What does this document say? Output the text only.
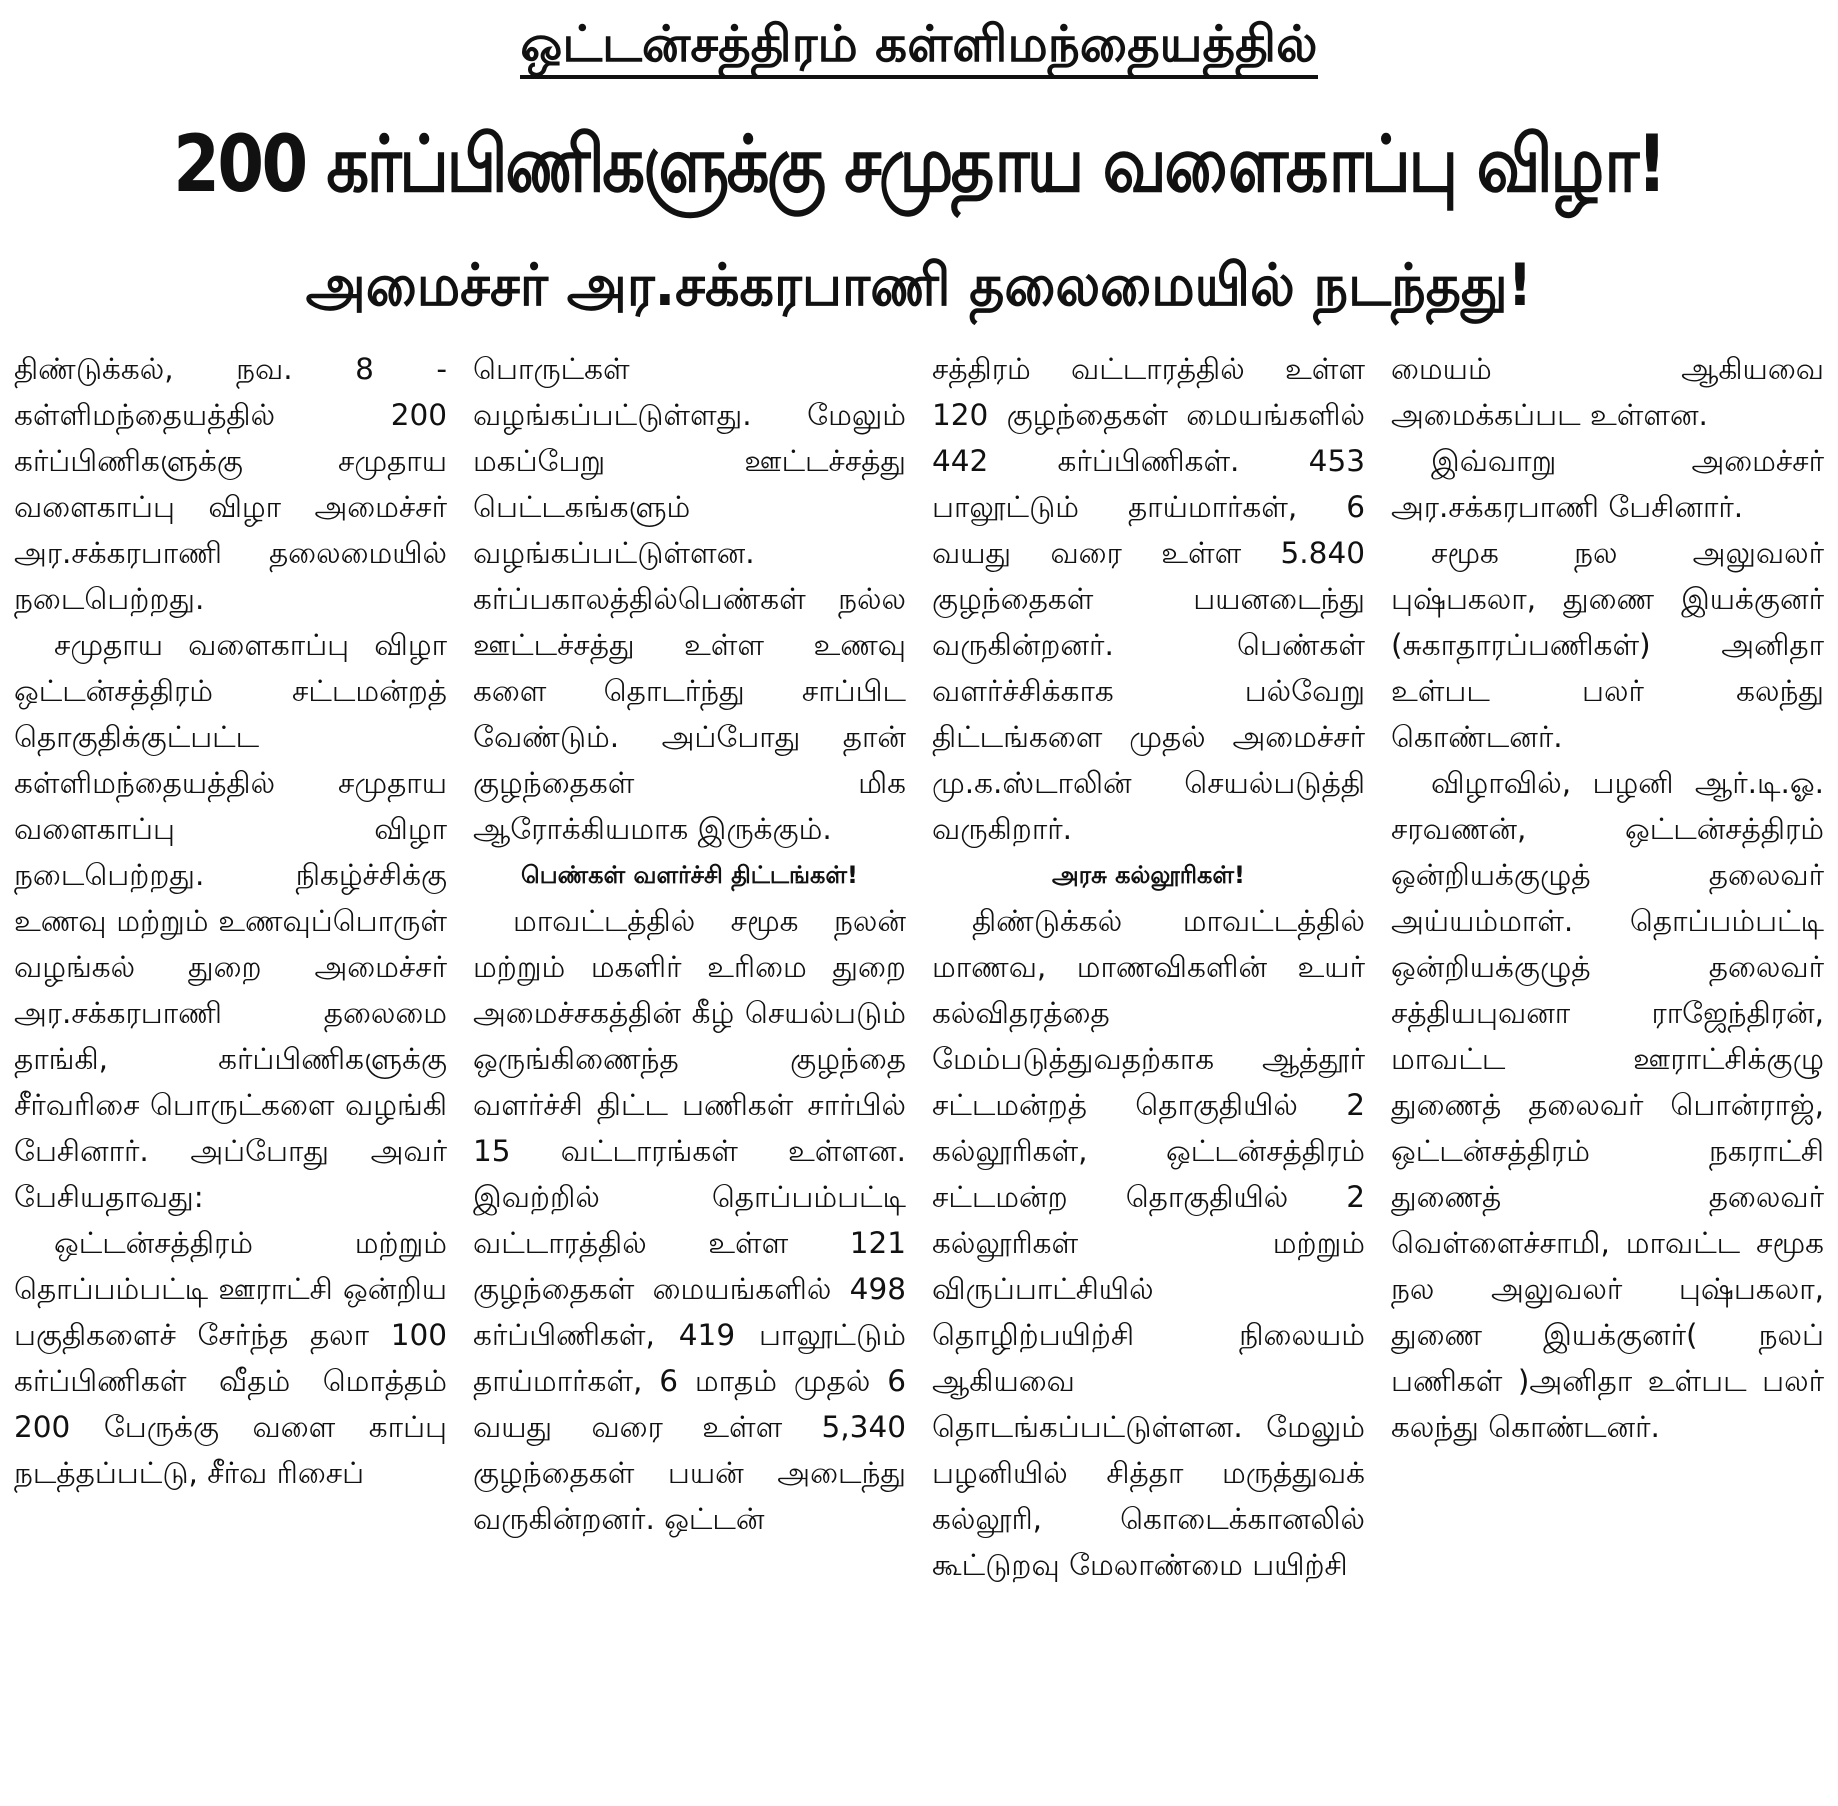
ஒட்டன்சத்திரம் கள்ளிமந்தையத்தில்
200 கர்ப்பிணிகளுக்கு சமுதாய வளைகாப்பு விழா!
அமைச்சர் அர.சக்கரபாணி தலைமையில் நடந்தது!

திண்டுக்கல், நவ. 8 - கள்ளிமந்தையத்தில் 200 கர்ப்பிணிகளுக்கு சமுதாய வளைகாப்பு விழா அமைச்சர் அர.சக்கரபாணி தலைமையில் நடைபெற்றது.

சமுதாய வளைகாப்பு விழா ஒட்டன்சத்திரம் சட்டமன்றத் தொகுதிக்குட்பட்ட கள்ளிமந்தையத்தில் சமுதாய வளைகாப்பு விழா நடைபெற்றது. நிகழ்ச்சிக்கு உணவு மற்றும் உணவுப்பொருள் வழங்கல் துறை அமைச்சர் அர.சக்கரபாணி தலைமை தாங்கி, கர்ப்பிணிகளுக்கு சீர்வரிசை பொருட்களை வழங்கி பேசினார். அப்போது அவர் பேசியதாவது:

ஒட்டன்சத்திரம் மற்றும் தொப்பம்பட்டி ஊராட்சி ஒன்றிய பகுதிகளைச் சேர்ந்த தலா 100 கர்ப்பிணிகள் வீதம் மொத்தம் 200 பேருக்கு வளை காப்பு நடத்தப்பட்டு, சீர்வ ரிசைப்

பொருட்கள் வழங்கப்பட்டுள்ளது. மேலும் மகப்பேறு ஊட்டச்சத்து பெட்டகங்களும் வழங்கப்பட்டுள்ளன. கர்ப்பகாலத்தில்பெண்கள் நல்ல ஊட்டச்சத்து உள்ள உணவு களை தொடர்ந்து சாப்பிட வேண்டும். அப்போது தான் குழந்தைகள் மிக ஆரோக்கியமாக இருக்கும்.

பெண்கள் வளர்ச்சி திட்டங்கள்!

மாவட்டத்தில் சமூக நலன் மற்றும் மகளிர் உரிமை துறை அமைச்சகத்தின் கீழ் செயல்படும் ஒருங்கிணைந்த குழந்தை வளர்ச்சி திட்ட பணிகள் சார்பில் 15 வட்டாரங்கள் உள்ளன. இவற்றில் தொப்பம்பட்டி வட்டாரத்தில் உள்ள 121 குழந்தைகள் மையங்களில் 498 கர்ப்பிணிகள், 419 பாலூட்டும் தாய்மார்கள், 6 மாதம் முதல் 6 வயது வரை உள்ள 5,340 குழந்தைகள் பயன் அடைந்து வருகின்றனர். ஒட்டன்

சத்திரம் வட்டாரத்தில் உள்ள 120 குழந்தைகள் மையங்களில் 442 கர்ப்பிணிகள். 453 பாலூட்டும் தாய்மார்கள், 6 வயது வரை உள்ள 5.840 குழந்தைகள் பயனடைந்து வருகின்றனர். பெண்கள் வளர்ச்சிக்காக பல்வேறு திட்டங்களை முதல் அமைச்சர் மு.க.ஸ்டாலின் செயல்படுத்தி வருகிறார்.

அரசு கல்லூரிகள்!

திண்டுக்கல் மாவட்டத்தில் மாணவ, மாணவிகளின் உயர் கல்விதரத்தை மேம்படுத்துவதற்காக ஆத்தூர் சட்டமன்றத் தொகுதியில் 2 கல்லூரிகள், ஒட்டன்சத்திரம் சட்டமன்ற தொகுதியில் 2 கல்லூரிகள் மற்றும் விருப்பாட்சியில் தொழிற்பயிற்சி நிலையம் ஆகியவை தொடங்கப்பட்டுள்ளன. மேலும் பழனியில் சித்தா மருத்துவக் கல்லூரி, கொடைக்கானலில் கூட்டுறவு மேலாண்மை பயிற்சி

மையம் ஆகியவை அமைக்கப்பட உள்ளன.

இவ்வாறு அமைச்சர் அர.சக்கரபாணி பேசினார்.

சமூக நல அலுவலர் புஷ்பகலா, துணை இயக்குனர் (சுகாதாரப்பணிகள்) அனிதா உள்பட பலர் கலந்து கொண்டனர்.

விழாவில், பழனி ஆர்.டி.ஓ. சரவணன், ஒட்டன்சத்திரம் ஒன்றியக்குழுத் தலைவர் அய்யம்மாள். தொப்பம்பட்டி ஒன்றியக்குழுத் தலைவர் சத்தியபுவனா ராஜேந்திரன், மாவட்ட ஊராட்சிக்குழு துணைத் தலைவர் பொன்ராஜ், ஒட்டன்சத்திரம் நகராட்சி துணைத் தலைவர் வெள்ளைச்சாமி, மாவட்ட சமூக நல அலுவலர் புஷ்பகலா, துணை இயக்குனர்( நலப் பணிகள் )அனிதா உள்பட பலர் கலந்து கொண்டனர்.
